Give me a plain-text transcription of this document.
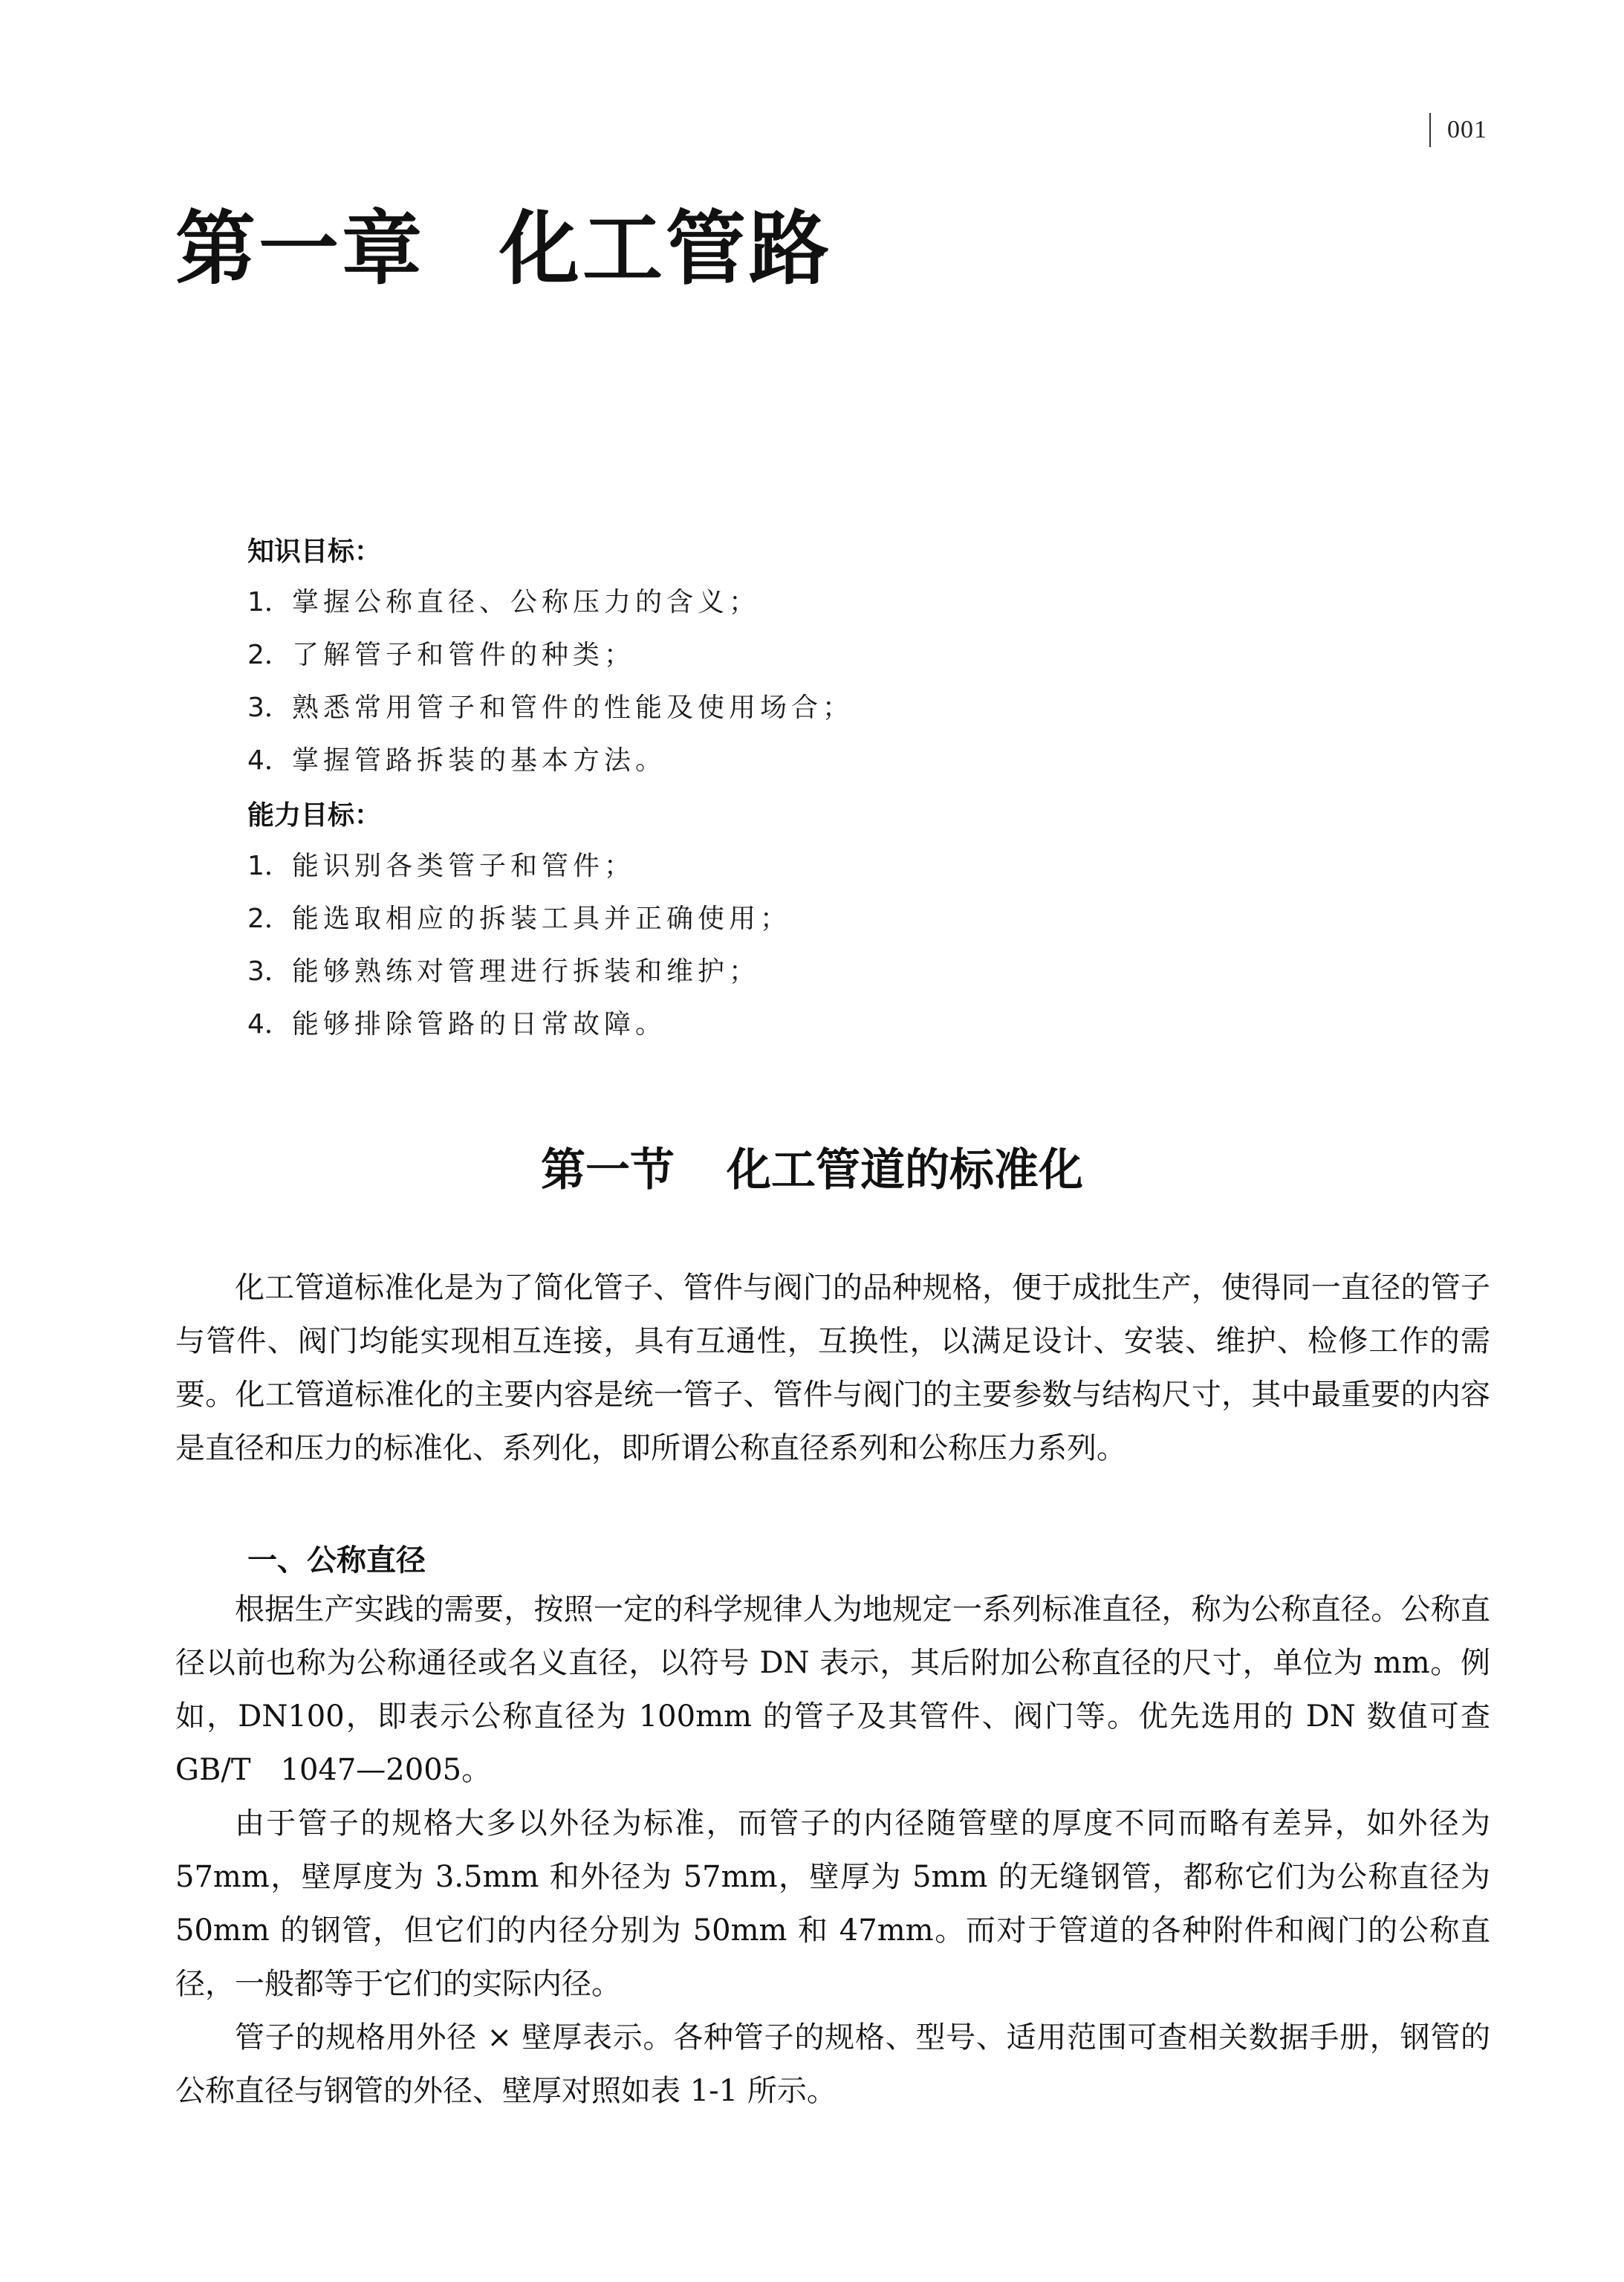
001
第一章 化工管路

知识目标：

1．掌握公称直径、公称压力的含义；

2．了解管子和管件的种类；

3．熟悉常用管子和管件的性能及使用场合；

4．掌握管路拆装的基本方法。

能力目标：

1．能识别各类管子和管件；

2．能选取相应的拆装工具并正确使用；

3．能够熟练对管理进行拆装和维护；

4．能够排除管路的日常故障。

第一节 化工管道的标准化

化工管道标准化是为了简化管子、管件与阀门的品种规格，便于成批生产，使得同一直径的管子与管件、阀门均能实现相互连接，具有互通性，互换性，以满足设计、安装、维护、检修工作的需要。化工管道标准化的主要内容是统一管子、管件与阀门的主要参数与结构尺寸，其中最重要的内容是直径和压力的标准化、系列化，即所谓公称直径系列和公称压力系列。

一、公称直径

根据生产实践的需要，按照一定的科学规律人为地规定一系列标准直径，称为公称直径。公称直径以前也称为公称通径或名义直径，以符号 DN 表示，其后附加公称直径的尺寸，单位为 mm。例如，DN100，即表示公称直径为 100mm 的管子及其管件、阀门等。优先选用的 DN 数值可查 GB/T　1047—2005。

由于管子的规格大多以外径为标准，而管子的内径随管壁的厚度不同而略有差异，如外径为 57mm，壁厚度为 3.5mm 和外径为 57mm，壁厚为 5mm 的无缝钢管，都称它们为公称直径为 50mm 的钢管，但它们的内径分别为 50mm 和 47mm。而对于管道的各种附件和阀门的公称直径，一般都等于它们的实际内径。

管子的规格用外径 × 壁厚表示。各种管子的规格、型号、适用范围可查相关数据手册，钢管的公称直径与钢管的外径、壁厚对照如表 1-1 所示。
